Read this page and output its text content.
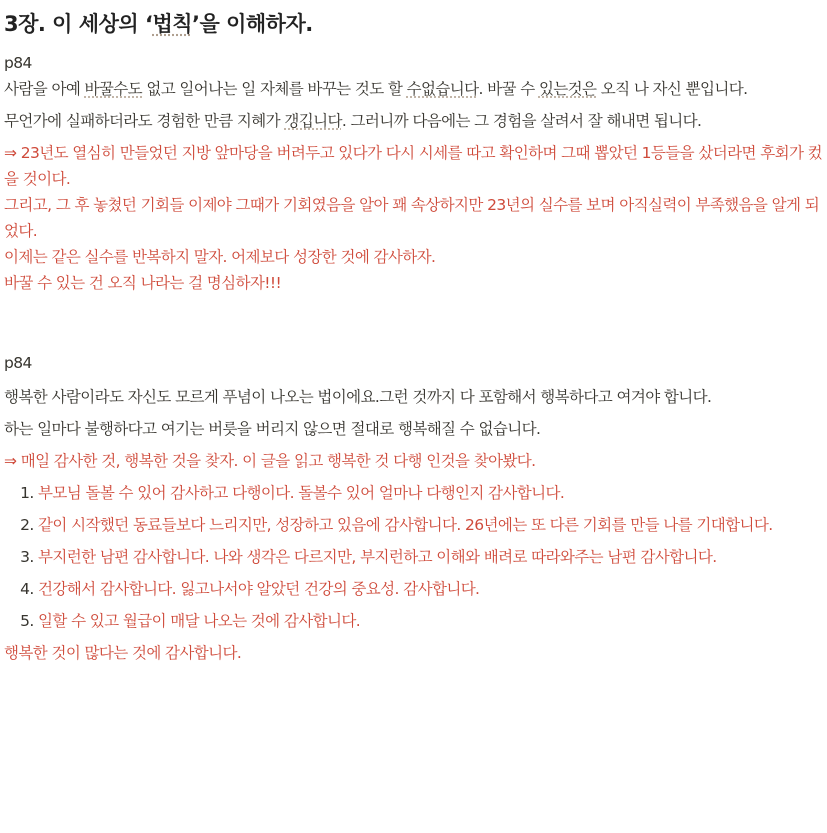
3장. 이 세상의 ‘법칙’을 이해하자.

p84

사람을 아예 바꿀수도 없고 일어나는 일 자체를 바꾸는 것도 할 수없습니다. 바꿀 수 있는것은 오직 나 자신 뿐입니다.

무언가에 실패하더라도 경험한 만큼 지혜가 갱깁니다. 그러니까 다음에는 그 경험을 살려서 잘 해내면 됩니다.

⇒ 23년도 열심히 만들었던 지방 앞마당을 버려두고 있다가 다시 시세를 따고 확인하며 그때 뽑았던 1등들을 샀더라면 후회가 컸을 것이다.

그리고, 그 후 놓쳤던 기회들 이제야 그때가 기회였음을 알아 꽤 속상하지만 23년의 실수를 보며 아직실력이 부족했음을 알게 되었다.

이제는 같은 실수를 반복하지 말자. 어제보다 성장한 것에 감사하자.

바꿀 수 있는 건 오직 나라는 걸 명심하자!!!

p84

행복한 사람이라도 자신도 모르게 푸념이 나오는 법이에요.그런 것까지 다 포함해서 행복하다고 여겨야 합니다.

하는 일마다 불행하다고 여기는 버릇을 버리지 않으면 절대로 행복해질 수 없습니다.

⇒ 매일 감사한 것, 행복한 것을 찾자. 이 글을 읽고 행복한 것 다행 인것을 찾아봤다.

1. 부모님 돌볼 수 있어 감사하고 다행이다. 돌볼수 있어 얼마나 다행인지 감사합니다.
2. 같이 시작했던 동료들보다 느리지만, 성장하고 있음에 감사합니다. 26년에는 또 다른 기회를 만들 나를 기대합니다.
3. 부지런한 남편 감사합니다. 나와 생각은 다르지만, 부지런하고 이해와 배려로 따라와주는 남편 감사합니다.
4. 건강해서 감사합니다. 잃고나서야 알았던 건강의 중요성. 감사합니다.
5. 일할 수 있고 월급이 매달 나오는 것에 감사합니다.

행복한 것이 많다는 것에 감사합니다.
